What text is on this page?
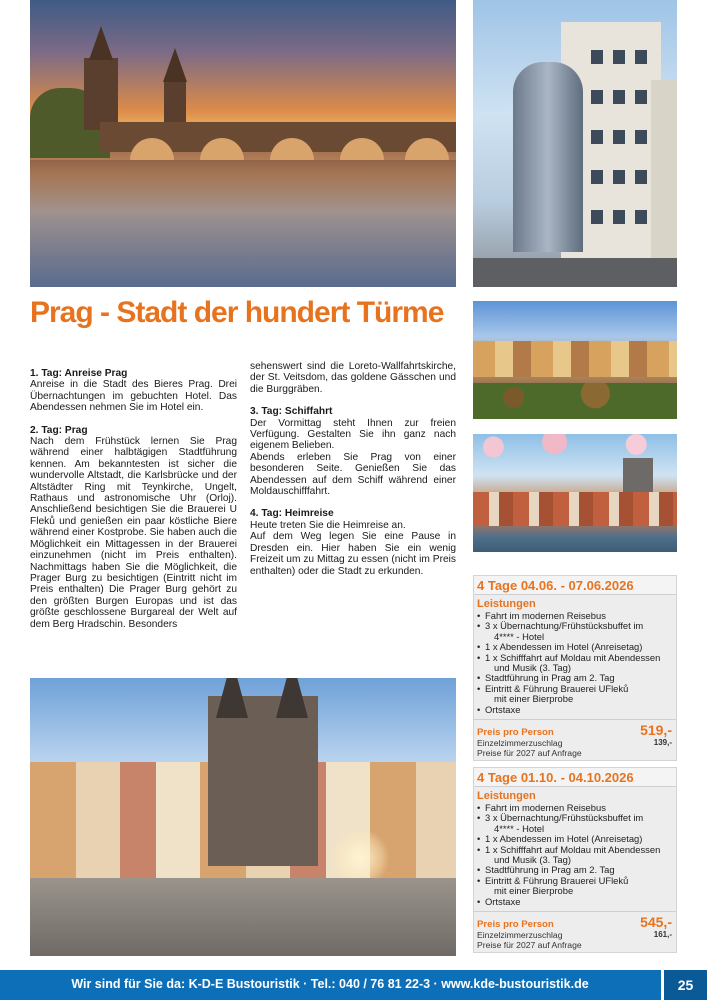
Prag - Stadt der hundert Türme

1. Tag: Anreise Prag
Anreise in die Stadt des Bieres Prag. Drei Übernachtungen im gebuchten Hotel. Das Abendessen nehmen Sie im Hotel ein.

2. Tag: Prag
Nach dem Frühstück lernen Sie Prag während einer halbtägigen Stadtführung kennen. Am bekanntesten ist sicher die wundervolle Altstadt, die Karlsbrücke und der Altstädter Ring mit Teynkirche, Ungelt, Rathaus und astronomische Uhr (Orloj). Anschließend besichtigen Sie die Brauerei U Fleků und genießen ein paar köstliche Biere während einer Kostprobe. Sie haben auch die Möglichkeit ein Mittagessen in der Brauerei einzunehmen (nicht im Preis enthalten). Nachmittags haben Sie die Möglichkeit, die Prager Burg zu besichtigen (Eintritt nicht im Preis enthalten) Die Prager Burg gehört zu den größten Burgen Europas und ist das größte geschlossene Burgareal der Welt auf dem Berg Hradschin. Besonders

sehenswert sind die Loreto-Wallfahrtskirche, der St. Veitsdom, das goldene Gässchen und die Burggräben.

3. Tag: Schiffahrt
Der Vormittag steht Ihnen zur freien Verfügung. Gestalten Sie ihn ganz nach eigenem Belieben.
Abends erleben Sie Prag von einer besonderen Seite. Genießen Sie das Abendessen auf dem Schiff während einer Moldauschifffahrt.

4. Tag: Heimreise
Heute treten Sie die Heimreise an.
Auf dem Weg legen Sie eine Pause in Dresden ein. Hier haben Sie ein wenig Freizeit um zu Mittag zu essen (nicht im Preis enthalten) oder die Stadt zu erkunden.

4 Tage 04.06. - 07.06.2026
Leistungen
• Fahrt im modernen Reisebus
• 3 x Übernachtung/Frühstücksbuffet im
4**** - Hotel
• 1 x Abendessen im Hotel (Anreisetag)
• 1 x Schifffahrt auf Moldau mit Abendessen
und Musik (3. Tag)
• Stadtführung in Prag am 2. Tag
• Eintritt & Führung Brauerei UFleků
mit einer Bierprobe
• Ortstaxe
Preis pro Person	519,-
Einzelzimmerzuschlag	139,-
Preise für 2027 auf Anfrage
4 Tage 01.10. - 04.10.2026
Leistungen
• Fahrt im modernen Reisebus
• 3 x Übernachtung/Frühstücksbuffet im
4**** - Hotel
• 1 x Abendessen im Hotel (Anreisetag)
• 1 x Schifffahrt auf Moldau mit Abendessen
und Musik (3. Tag)
• Stadtführung in Prag am 2. Tag
• Eintritt & Führung Brauerei UFleků
mit einer Bierprobe
• Ortstaxe
Preis pro Person	545,-
Einzelzimmerzuschlag	161,-
Preise für 2027 auf Anfrage
Wir sind für Sie da: K-D-E Bustouristik · Tel.: 040 / 76 81 22-3 · www.kde-bustouristik.de	25
